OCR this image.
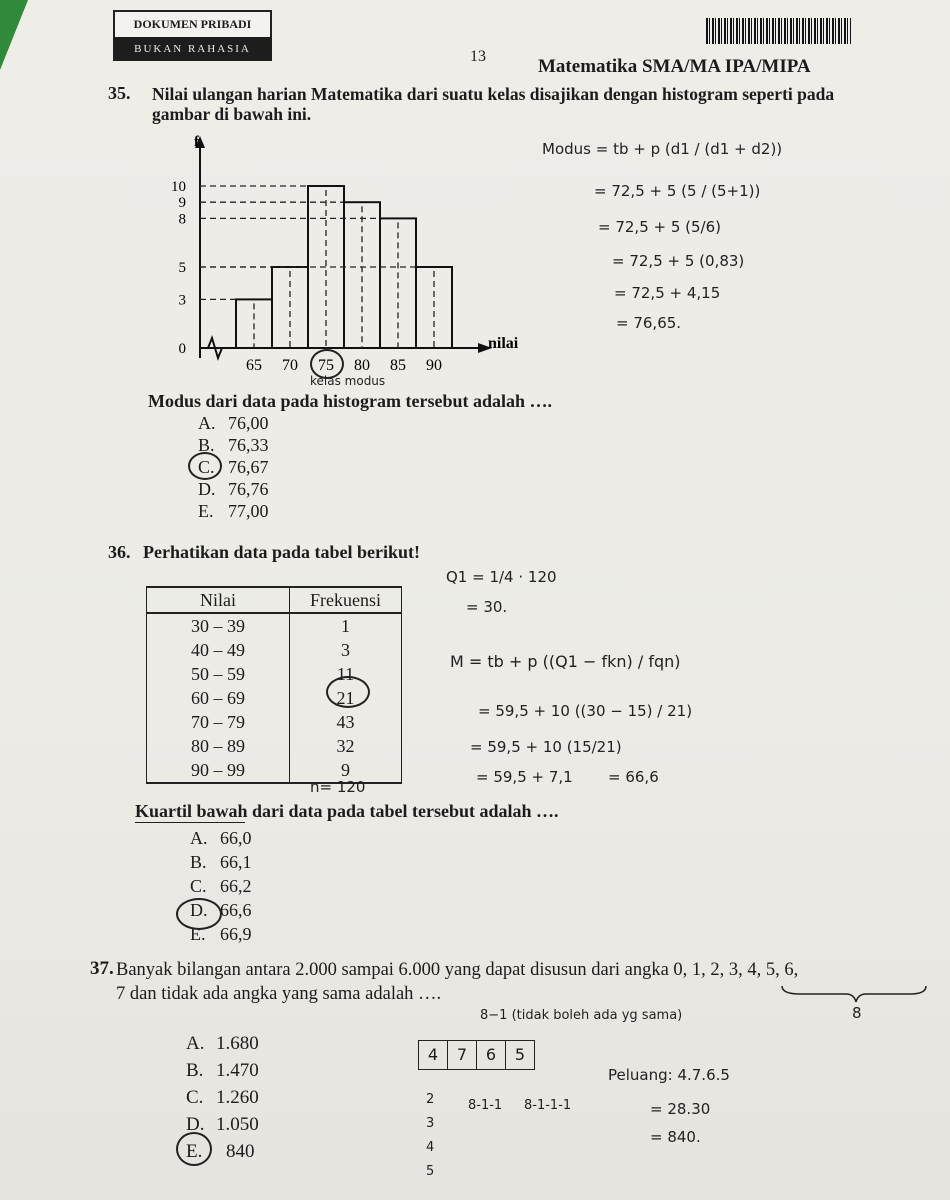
DOKUMEN PRIBADI
BUKAN RAHASIA	13	Matematika SMA/MA IPA/MIPA
35. Nilai ulangan harian Matematika dari suatu kelas disajikan dengan histogram seperti pada
gambar di bawah ini.
f
nilai
0
3
5
8
9
10
65 70 75 80 85 90
kelas modus
Modus = tb + p (d1 / (d1 + d2))
= 72,5 + 5 (5 / (5+1))
= 72,5 + 5 (5/6)
= 72,5 + 5 (0,83)
= 72,5 + 4,15
= 76,65.
Modus dari data pada histogram tersebut adalah ….
A. 76,00
B. 76,33
C. 76,67
D. 76,76
E. 77,00
36. Perhatikan data pada tabel berikut!
Nilai	Frekuensi
30 – 39	1
40 – 49	3
50 – 59	11
60 – 69	21
70 – 79	43
80 – 89	32
90 – 99	9
n= 120
Q1 = 1/4 · 120
= 30.
M = tb + p ((Q1 − fkn) / fqn)
= 59,5 + 10 ((30 − 15) / 21)
= 59,5 + 10 (15/21)
= 59,5 + 7,1 = 66,6
Kuartil bawah dari data pada tabel tersebut adalah ….
A. 66,0
B. 66,1
C. 66,2
D. 66,6
E. 66,9
37. Banyak bilangan antara 2.000 sampai 6.000 yang dapat disusun dari angka 0, 1, 2, 3, 4, 5, 6,
7 dan tidak ada angka yang sama adalah ….
8
8−1 (tidak boleh ada yg sama)
A. 1.680
B. 1.470
C. 1.260
D. 1.050
E. 840
4	7	6	5
8-1-1 8-1-1-1
2
3
4
5
Peluang: 4.7.6.5
= 28.30
= 840.
